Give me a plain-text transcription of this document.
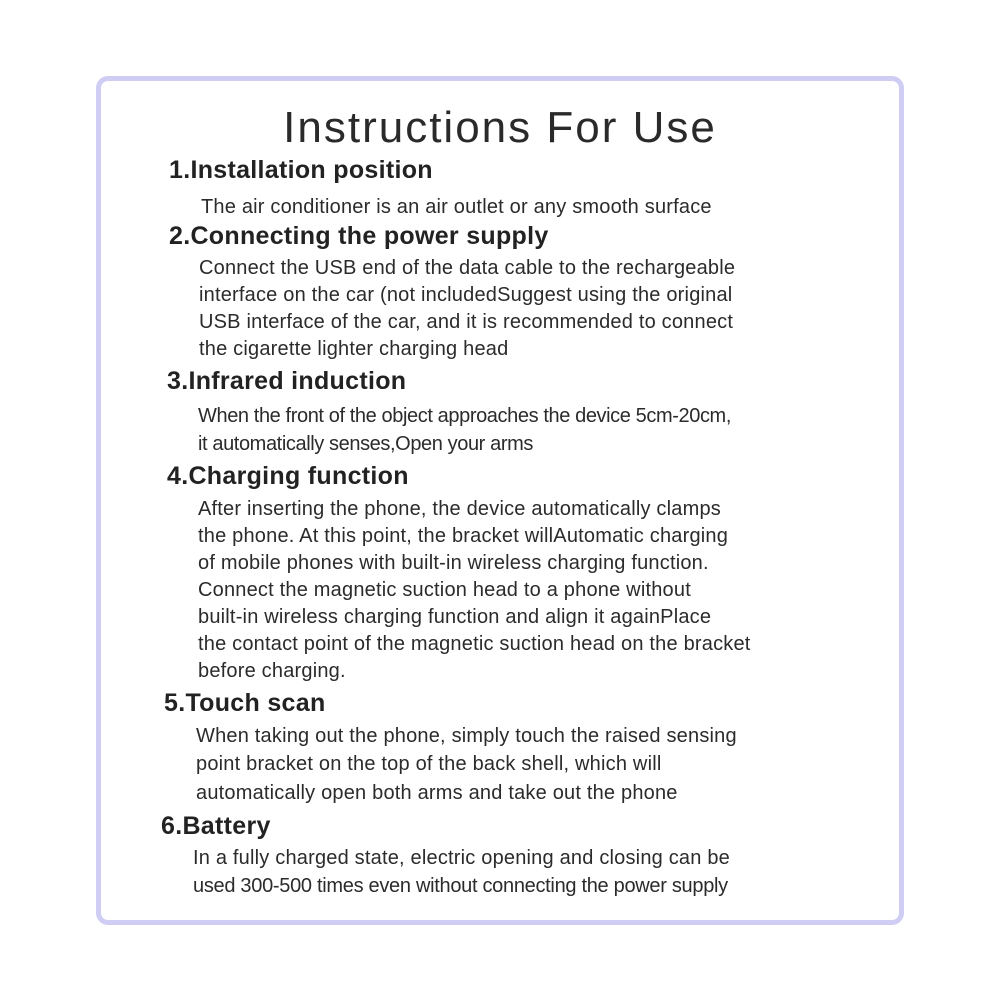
Instructions For Use

1.Installation position

The air conditioner is an air outlet or any smooth surface

2.Connecting the power supply

Connect the USB end of the data cable to the rechargeable

interface on the car (not includedSuggest using the original

USB interface of the car, and it is recommended to connect

the cigarette lighter charging head

3.Infrared induction

When the front of the object approaches the device 5cm-20cm,

it automatically senses,Open your arms

4.Charging function

After inserting the phone, the device automatically clamps

the phone. At this point, the bracket willAutomatic charging

of mobile phones with built-in wireless charging function.

Connect the magnetic suction head to a phone without

built-in wireless charging function and align it againPlace

the contact point of the magnetic suction head on the bracket

before charging.

5.Touch scan

When taking out the phone, simply touch the raised sensing

point bracket on the top of the back shell, which will

automatically open both arms and take out the phone

6.Battery

In a fully charged state, electric opening and closing can be

used 300-500 times even without connecting the power supply
